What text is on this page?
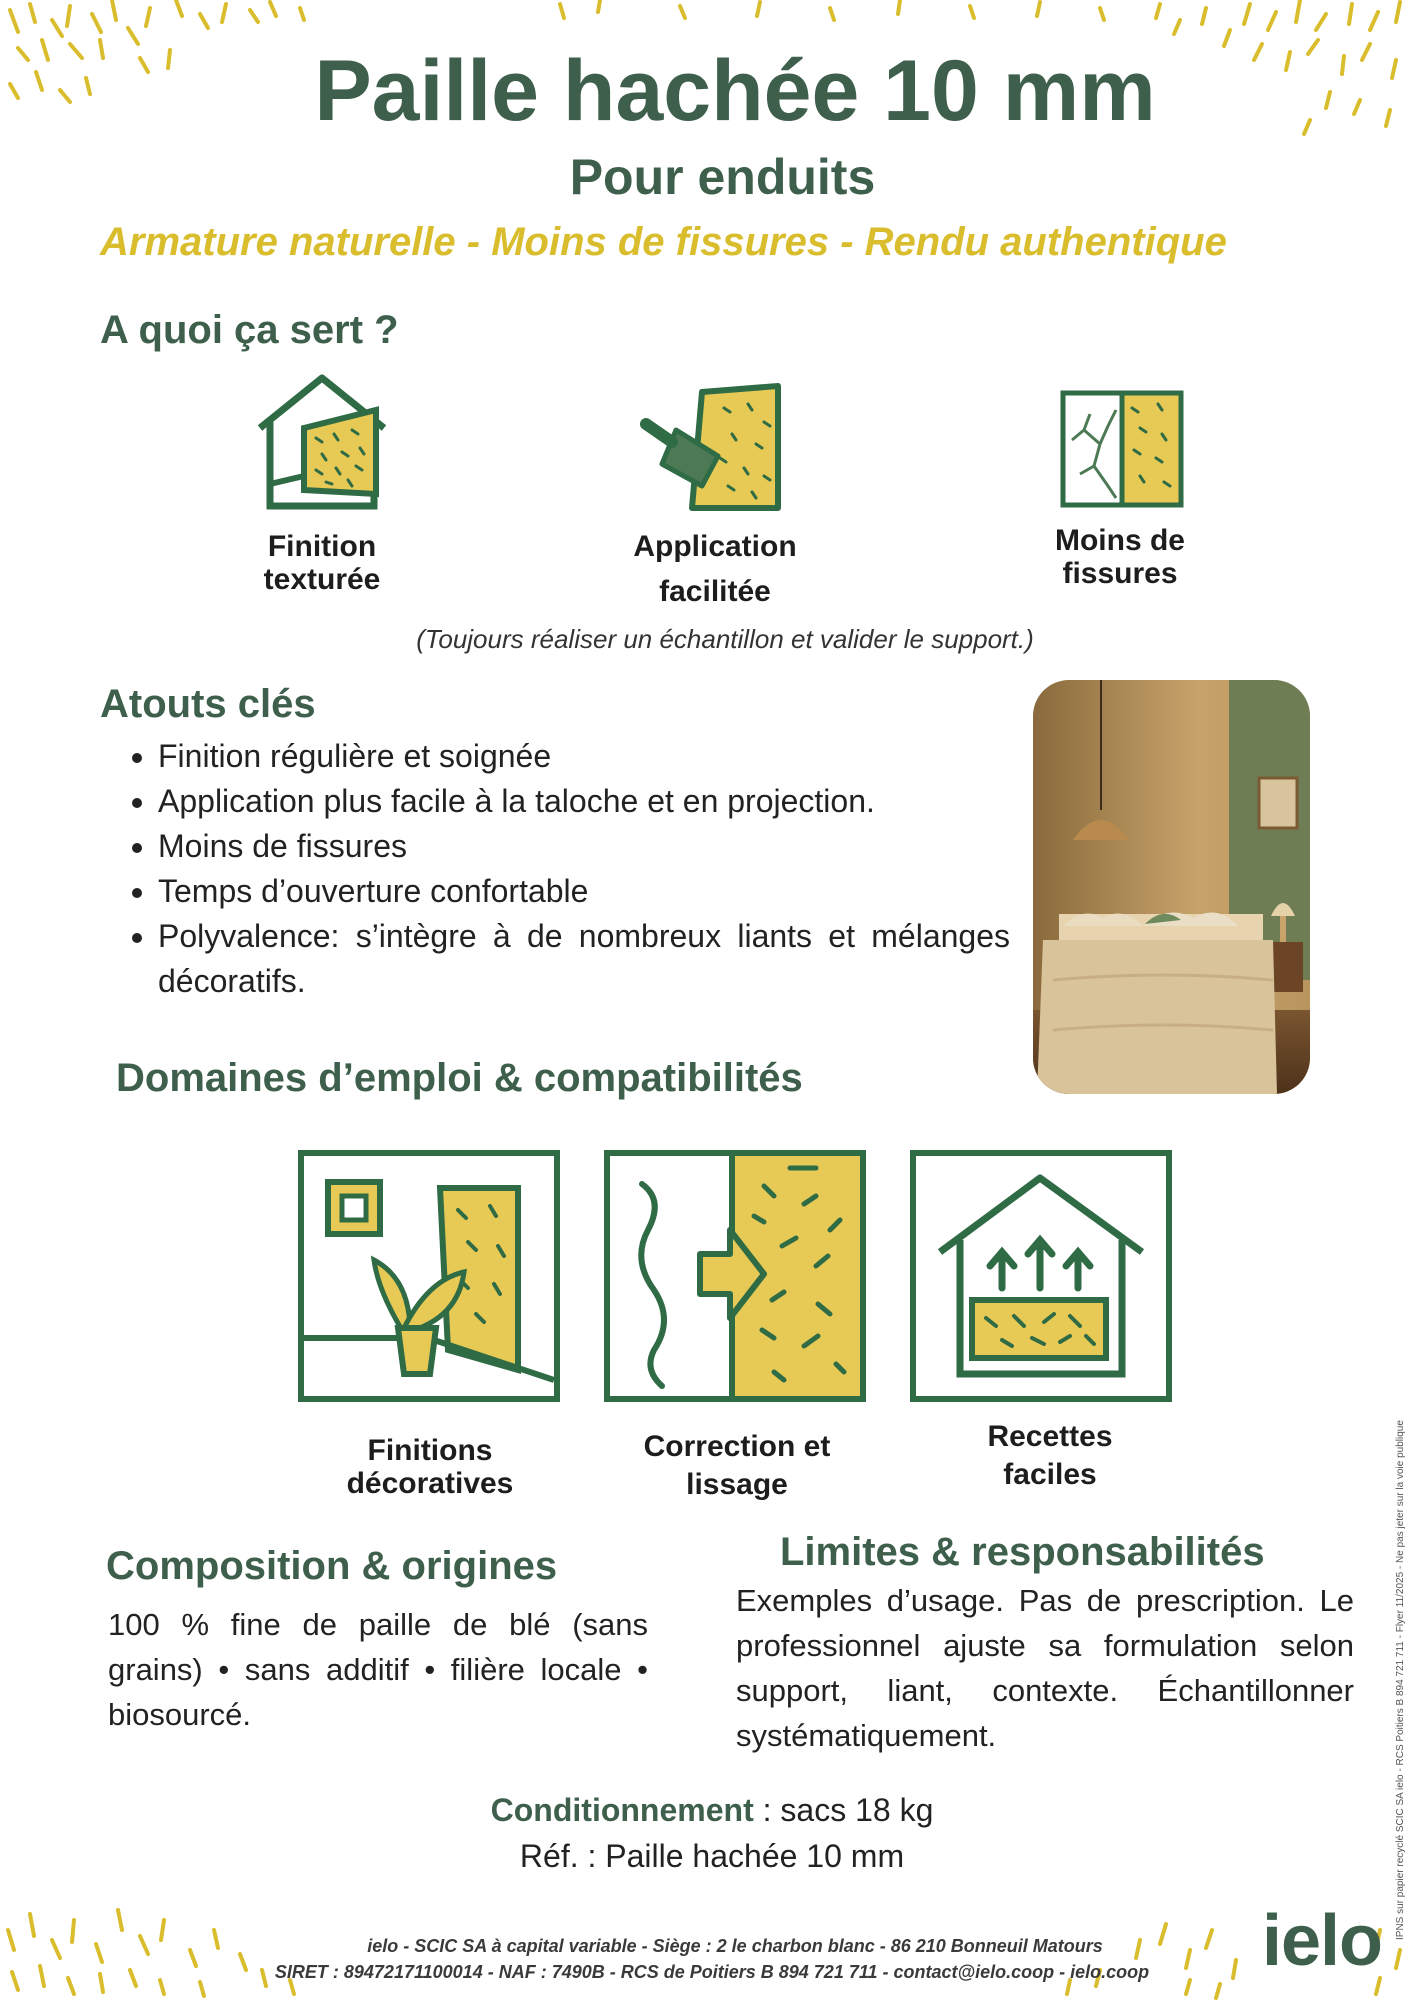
Paille hachée 10 mm
Pour enduits
Armature naturelle - Moins de fissures - Rendu authentique
A quoi ça sert ?
Finition
texturée
Application
facilitée
Moins de
fissures
(Toujours réaliser un échantillon et valider le support.)
Atouts clés
• Finition régulière et soignée
• Application plus facile à la taloche et en projection.
• Moins de fissures
• Temps d’ouverture confortable
• Polyvalence: s’intègre à de nombreux liants et mélanges décoratifs.
Domaines d’emploi & compatibilités
Finitions
décoratives
Correction et
lissage
Recettes
faciles
Composition & origines
100 % fine de paille de blé (sans grains) • sans additif • filière locale • biosourcé.
Limites & responsabilités
Exemples d’usage. Pas de prescription. Le professionnel ajuste sa formulation selon support, liant, contexte. Échantillonner systématiquement.
Conditionnement : sacs 18 kg
Réf. : Paille hachée 10 mm
ielo - SCIC SA à capital variable - Siège : 2 le charbon blanc - 86 210 Bonneuil Matours
SIRET : 89472171100014 - NAF : 7490B - RCS de Poitiers B 894 721 711 - contact@ielo.coop - ielo.coop	ielo
IPNS sur papier recyclé SCIC SA ielo - RCS Poitiers B 894 721 711 - Flyer 11/2025 - Ne pas jeter sur la voie publique
